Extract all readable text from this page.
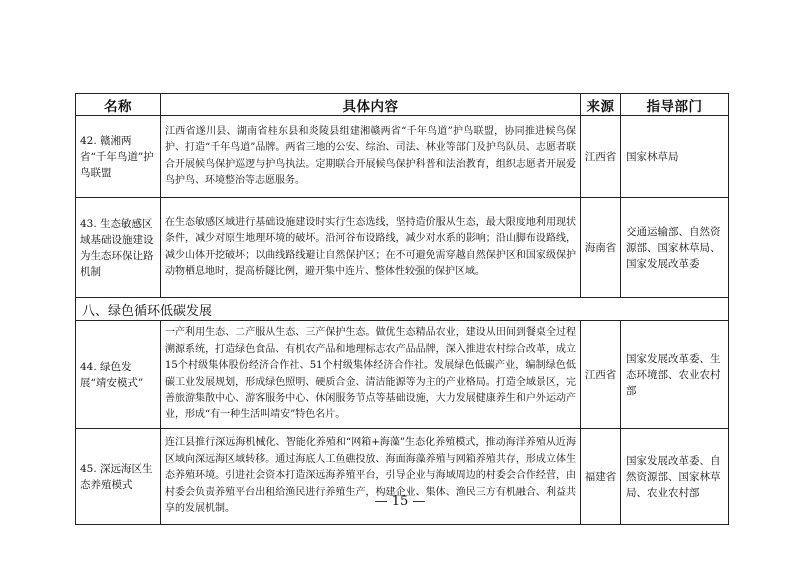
名称	具体内容	来源	指导部门
42. 赣湘两省“千年鸟道”护鸟联盟	江西省遂川县、湖南省桂东县和炎陵县组建湘赣两省“千年鸟道”护鸟联盟，协同推进候鸟保护、打造“千年鸟道”品牌。两省三地的公安、综治、司法、林业等部门及护鸟队员、志愿者联合开展候鸟保护巡逻与护鸟执法。定期联合开展候鸟保护科普和法治教育，组织志愿者开展爱鸟护鸟、环境整治等志愿服务。	江西省	国家林草局
43. 生态敏感区域基础设施建设为生态环保让路机制	在生态敏感区域进行基础设施建设时实行生态选线，坚持造价服从生态，最大限度地利用现状条件，减少对原生地理环境的破坏。沿河谷布设路线，减少对水系的影响；沿山脚布设路线，减少山体开挖破坏；以曲线路线避让自然保护区；在不可避免需穿越自然保护区和国家级保护动物栖息地时，提高桥隧比例，避开集中连片、整体性较强的保护区域。	海南省	交通运输部、自然资源部、国家林草局、国家发展改革委
八、绿色循环低碳发展			
44. 绿色发展“靖安模式”	一产利用生态、二产服从生态、三产保护生态。做优生态精品农业，建设从田间到餐桌全过程溯源系统，打造绿色食品、有机农产品和地理标志农产品品牌，深入推进农村综合改革，成立15个村级集体股份经济合作社、51个村级集体经济合作社。发展绿色低碳产业，编制绿色低碳工业发展规划，形成绿色照明、硬质合金、清洁能源等为主的产业格局。打造全域景区，完善旅游集散中心、游客服务中心、休闲服务节点等基础设施，大力发展健康养生和户外运动产业，形成“有一种生活叫靖安”特色名片。	江西省	国家发展改革委、生态环境部、农业农村部
45. 深远海区生态养殖模式	连江县推行深远海机械化、智能化养殖和“网箱+海藻”生态化养殖模式，推动海洋养殖从近海区域向深远海区域转移。通过海底人工鱼礁投放、海面海藻养殖与网箱养殖共存，形成立体生态养殖环境。引进社会资本打造深远海养殖平台，引导企业与海域周边的村委会合作经营，由村委会负责养殖平台出租给渔民进行养殖生产，构建企业、集体、渔民三方有机融合、利益共享的发展机制。	福建省	国家发展改革委、自然资源部、国家林草局、农业农村部
— 15 —
